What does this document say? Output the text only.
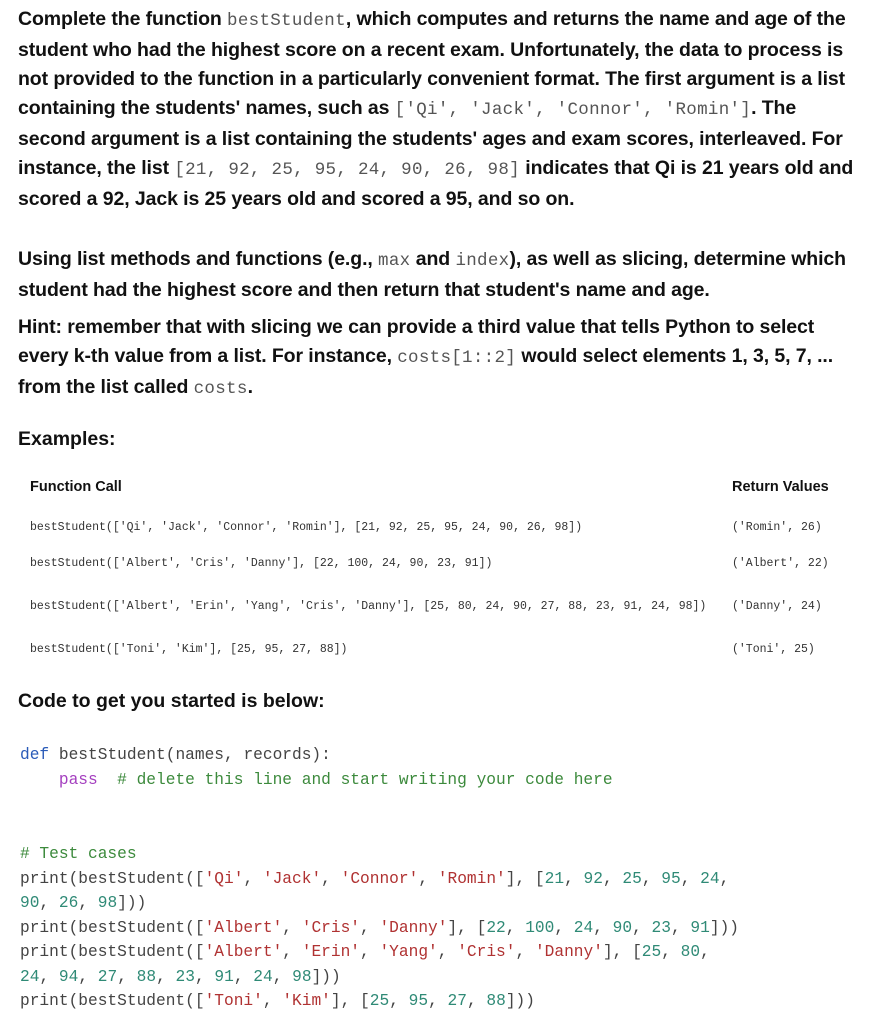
Complete the function bestStudent, which computes and returns the name and age of the student who had the highest score on a recent exam. Unfortunately, the data to process is not provided to the function in a particularly convenient format. The first argument is a list containing the students' names, such as ['Qi', 'Jack', 'Connor', 'Romin']. The second argument is a list containing the students' ages and exam scores, interleaved. For instance, the list [21, 92, 25, 95, 24, 90, 26, 98] indicates that Qi is 21 years old and scored a 92, Jack is 25 years old and scored a 95, and so on.
Using list methods and functions (e.g., max and index), as well as slicing, determine which student had the highest score and then return that student's name and age.
Hint: remember that with slicing we can provide a third value that tells Python to select every k-th value from a list. For instance, costs[1::2] would select elements 1, 3, 5, 7, ... from the list called costs.
Examples:
Function Call	Return Values
bestStudent(['Qi', 'Jack', 'Connor', 'Romin'], [21, 92, 25, 95, 24, 90, 26, 98])	('Romin', 26)
bestStudent(['Albert', 'Cris', 'Danny'], [22, 100, 24, 90, 23, 91])	('Albert', 22)
bestStudent(['Albert', 'Erin', 'Yang', 'Cris', 'Danny'], [25, 80, 24, 90, 27, 88, 23, 91, 24, 98])	('Danny', 24)
bestStudent(['Toni', 'Kim'], [25, 95, 27, 88])	('Toni', 25)
Code to get you started is below:
def bestStudent(names, records):
pass # delete this line and start writing your code here
# Test cases
print(bestStudent(['Qi', 'Jack', 'Connor', 'Romin'], [21, 92, 25, 95, 24,
90, 26, 98]))
print(bestStudent(['Albert', 'Cris', 'Danny'], [22, 100, 24, 90, 23, 91]))
print(bestStudent(['Albert', 'Erin', 'Yang', 'Cris', 'Danny'], [25, 80,
24, 94, 27, 88, 23, 91, 24, 98]))
print(bestStudent(['Toni', 'Kim'], [25, 95, 27, 88]))
